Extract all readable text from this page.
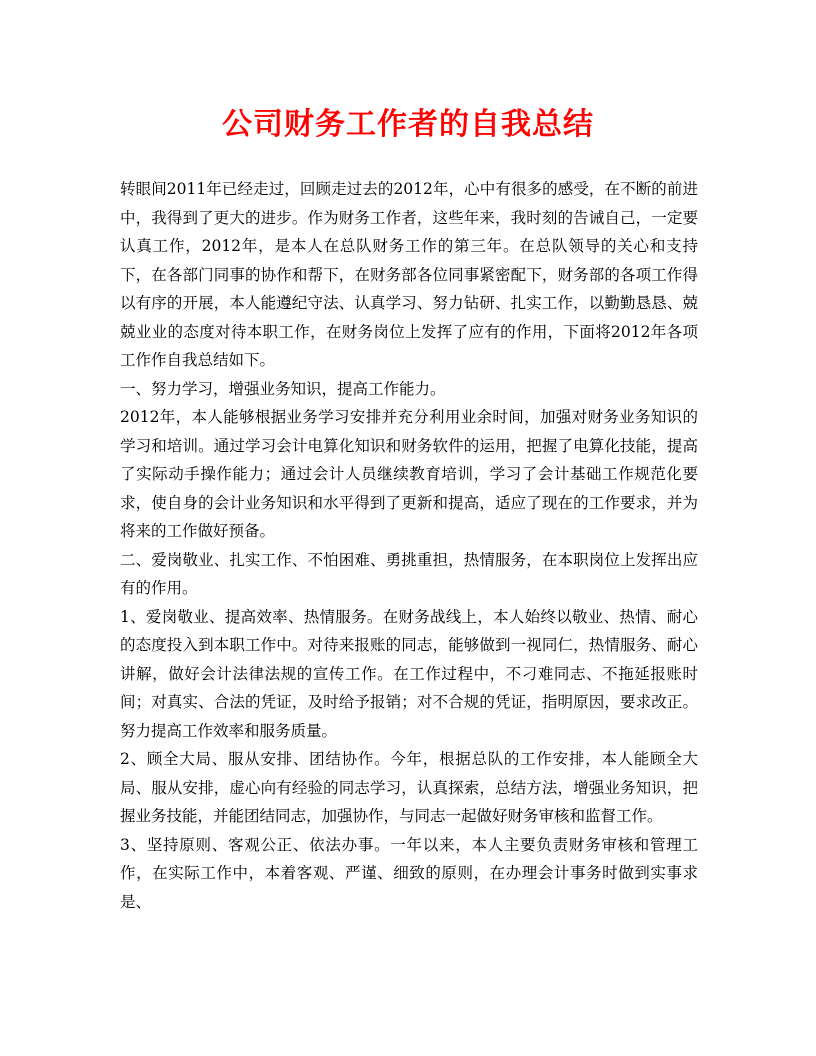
公司财务工作者的自我总结

转眼间2011年已经走过，回顾走过去的2012年，心中有很多的感受，在不断的前进中，我得到了更大的进步。作为财务工作者，这些年来，我时刻的告诫自己，一定要认真工作，2012年，是本人在总队财务工作的第三年。在总队领导的关心和支持下，在各部门同事的协作和帮下，在财务部各位同事紧密配下，财务部的各项工作得以有序的开展，本人能遵纪守法、认真学习、努力钻研、扎实工作，以勤勤恳恳、兢兢业业的态度对待本职工作，在财务岗位上发挥了应有的作用，下面将2012年各项工作作自我总结如下。

一、努力学习，增强业务知识，提高工作能力。

2012年，本人能够根据业务学习安排并充分利用业余时间，加强对财务业务知识的学习和培训。通过学习会计电算化知识和财务软件的运用，把握了电算化技能，提高了实际动手操作能力；通过会计人员继续教育培训，学习了会计基础工作规范化要求，使自身的会计业务知识和水平得到了更新和提高，适应了现在的工作要求，并为将来的工作做好预备。

二、爱岗敬业、扎实工作、不怕困难、勇挑重担，热情服务，在本职岗位上发挥出应有的作用。

1、爱岗敬业、提高效率、热情服务。在财务战线上，本人始终以敬业、热情、耐心的态度投入到本职工作中。对待来报账的同志，能够做到一视同仁，热情服务、耐心讲解，做好会计法律法规的宣传工作。在工作过程中，不刁难同志、不拖延报账时间；对真实、合法的凭证，及时给予报销；对不合规的凭证，指明原因，要求改正。努力提高工作效率和服务质量。

2、顾全大局、服从安排、团结协作。今年，根据总队的工作安排，本人能顾全大局、服从安排，虚心向有经验的同志学习，认真探索，总结方法，增强业务知识，把握业务技能，并能团结同志，加强协作，与同志一起做好财务审核和监督工作。

3、坚持原则、客观公正、依法办事。一年以来，本人主要负责财务审核和管理工作，在实际工作中，本着客观、严谨、细致的原则，在办理会计事务时做到实事求是、
